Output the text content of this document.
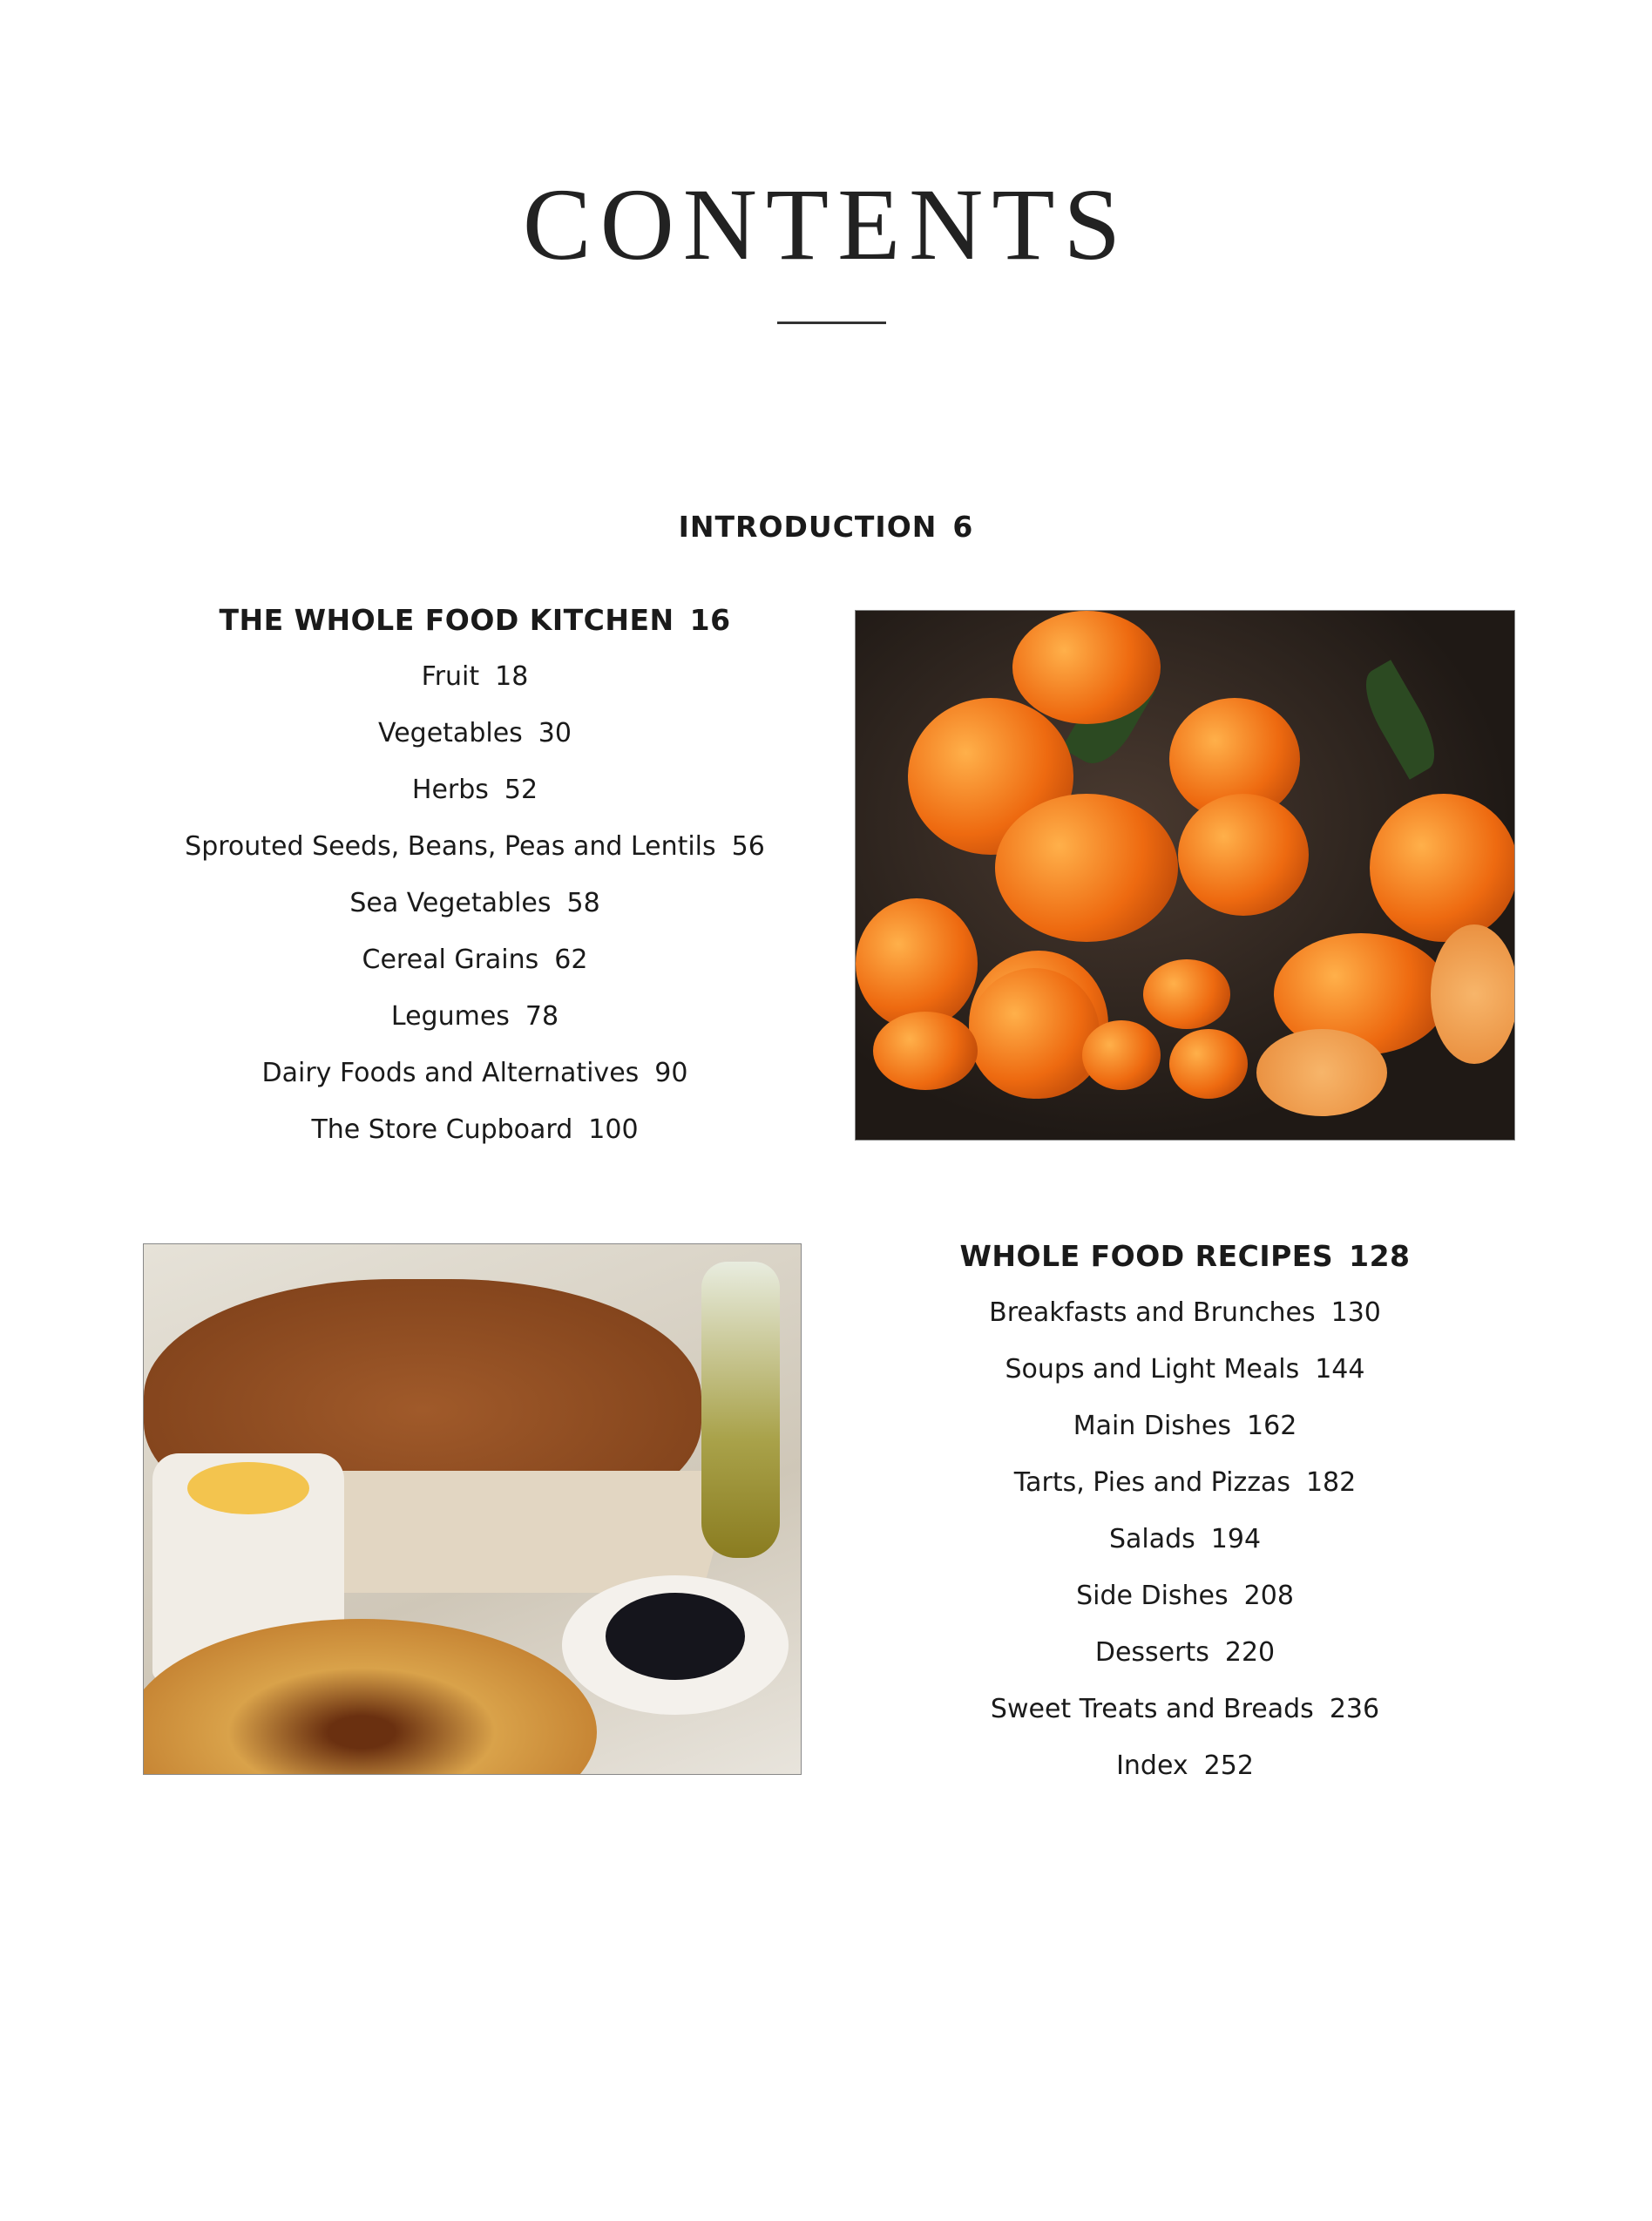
CONTENTS
INTRODUCTION 6
THE WHOLE FOOD KITCHEN 16
Fruit 18
Vegetables 30
Herbs 52
Sprouted Seeds, Beans, Peas and Lentils 56
Sea Vegetables 58
Cereal Grains 62
Legumes 78
Dairy Foods and Alternatives 90
The Store Cupboard 100
WHOLE FOOD RECIPES 128
Breakfasts and Brunches 130
Soups and Light Meals 144
Main Dishes 162
Tarts, Pies and Pizzas 182
Salads 194
Side Dishes 208
Desserts 220
Sweet Treats and Breads 236
Index 252
